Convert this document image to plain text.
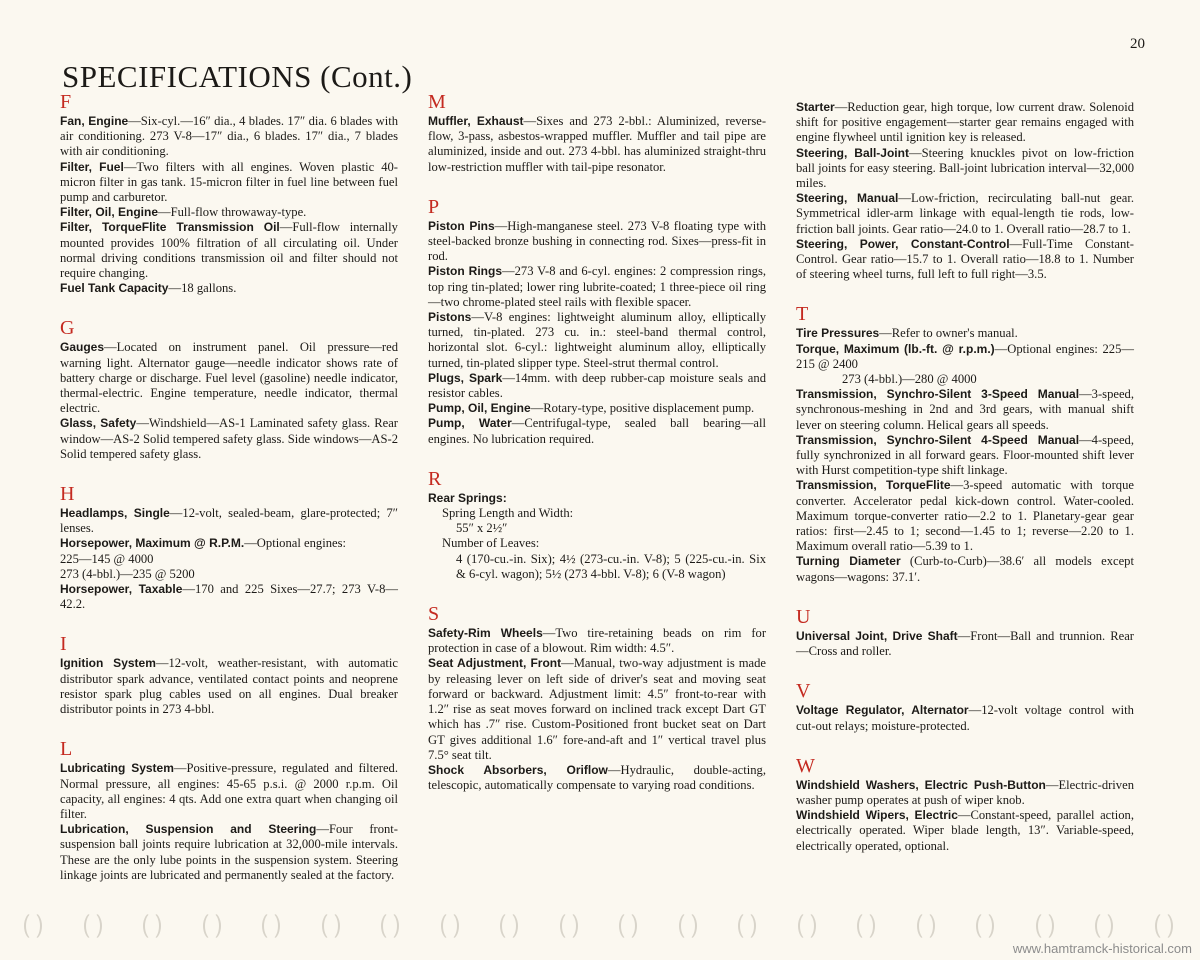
SPECIFICATIONS (Cont.)
20
F

Fan, Engine—Six-cyl.—16″ dia., 4 blades. 17″ dia. 6 blades with air conditioning. 273 V-8—17″ dia., 6 blades. 17″ dia., 7 blades with air conditioning.

Filter, Fuel—Two filters with all engines. Woven plastic 40-micron filter in gas tank. 15-micron filter in fuel line between fuel pump and carburetor.

Filter, Oil, Engine—Full-flow throwaway-type.

Filter, TorqueFlite Transmission Oil—Full-flow internally mounted provides 100% filtration of all circulating oil. Under normal driving conditions transmission oil and filter should not require changing.

Fuel Tank Capacity—18 gallons.

G

Gauges—Located on instrument panel. Oil pressure—red warning light. Alternator gauge—needle indicator shows rate of battery charge or discharge. Fuel level (gasoline) needle indicator, thermal-electric. Engine temperature, needle indicator, thermal electric.

Glass, Safety—Windshield—AS-1 Laminated safety glass. Rear window—AS-2 Solid tempered safety glass. Side windows—AS-2 Solid tempered safety glass.

H

Headlamps, Single—12-volt, sealed-beam, glare-protected; 7″ lenses.

Horsepower, Maximum @ R.P.M.—Optional engines:
225—145 @ 4000
273 (4-bbl.)—235 @ 5200

Horsepower, Taxable—170 and 225 Sixes—27.7; 273 V-8—42.2.

I

Ignition System—12-volt, weather-resistant, with automatic distributor spark advance, ventilated contact points and neoprene resistor spark plug cables used on all engines. Dual breaker distributor points in 273 4-bbl.

L

Lubricating System—Positive-pressure, regulated and filtered. Normal pressure, all engines: 45-65 p.s.i. @ 2000 r.p.m. Oil capacity, all engines: 4 qts. Add one extra quart when changing oil filter.

Lubrication, Suspension and Steering—Four front-suspension ball joints require lubrication at 32,000-mile intervals. These are the only lube points in the suspension system. Steering linkage joints are lubricated and permanently sealed at the factory.

M

Muffler, Exhaust—Sixes and 273 2-bbl.: Aluminized, reverse-flow, 3-pass, asbestos-wrapped muffler. Muffler and tail pipe are aluminized, inside and out. 273 4-bbl. has aluminized straight-thru low-restriction muffler with tail-pipe resonator.

P

Piston Pins—High-manganese steel. 273 V-8 floating type with steel-backed bronze bushing in connecting rod. Sixes—press-fit in rod.

Piston Rings—273 V-8 and 6-cyl. engines: 2 compression rings, top ring tin-plated; lower ring lubrite-coated; 1 three-piece oil ring—two chrome-plated steel rails with flexible spacer.

Pistons—V-8 engines: lightweight aluminum alloy, elliptically turned, tin-plated. 273 cu. in.: steel-band thermal control, horizontal slot. 6-cyl.: lightweight aluminum alloy, elliptically turned, tin-plated slipper type. Steel-strut thermal control.

Plugs, Spark—14mm. with deep rubber-cap moisture seals and resistor cables.

Pump, Oil, Engine—Rotary-type, positive displacement pump.

Pump, Water—Centrifugal-type, sealed ball bearing—all engines. No lubrication required.

R

Rear Springs:
Spring Length and Width:
55″ x 2½″
Number of Leaves:
4 (170-cu.-in. Six); 4½ (273-cu.-in. V-8); 5 (225-cu.-in. Six & 6-cyl. wagon); 5½ (273 4-bbl. V-8); 6 (V-8 wagon)

S

Safety-Rim Wheels—Two tire-retaining beads on rim for protection in case of a blowout. Rim width: 4.5″.

Seat Adjustment, Front—Manual, two-way adjustment is made by releasing lever on left side of driver's seat and moving seat forward or backward. Adjustment limit: 4.5″ front-to-rear with 1.2″ rise as seat moves forward on inclined track except Dart GT which has .7″ rise. Custom-Positioned front bucket seat on Dart GT gives additional 1.6″ fore-and-aft and 1″ vertical travel plus 7.5° seat tilt.

Shock Absorbers, Oriflow—Hydraulic, double-acting, telescopic, automatically compensate to varying road conditions.

Starter—Reduction gear, high torque, low current draw. Solenoid shift for positive engagement—starter gear remains engaged with engine flywheel until ignition key is released.

Steering, Ball-Joint—Steering knuckles pivot on low-friction ball joints for easy steering. Ball-joint lubrication interval—32,000 miles.

Steering, Manual—Low-friction, recirculating ball-nut gear. Symmetrical idler-arm linkage with equal-length tie rods, low-friction ball joints. Gear ratio—24.0 to 1. Overall ratio—28.7 to 1.

Steering, Power, Constant-Control—Full-Time Constant-Control. Gear ratio—15.7 to 1. Overall ratio—18.8 to 1. Number of steering wheel turns, full left to full right—3.5.

T

Tire Pressures—Refer to owner's manual.

Torque, Maximum (lb.-ft. @ r.p.m.)—Optional engines: 225—215 @ 2400
273 (4-bbl.)—280 @ 4000

Transmission, Synchro-Silent 3-Speed Manual—3-speed, synchronous-meshing in 2nd and 3rd gears, with manual shift lever on steering column. Helical gears all speeds.

Transmission, Synchro-Silent 4-Speed Manual—4-speed, fully synchronized in all forward gears. Floor-mounted shift lever with Hurst competition-type shift linkage.

Transmission, TorqueFlite—3-speed automatic with torque converter. Accelerator pedal kick-down control. Water-cooled. Maximum torque-converter ratio—2.2 to 1. Planetary-gear gear ratios: first—2.45 to 1; second—1.45 to 1; reverse—2.20 to 1. Maximum overall ratio—5.39 to 1.

Turning Diameter (Curb-to-Curb)—38.6′ all models except wagons—wagons: 37.1′.

U

Universal Joint, Drive Shaft—Front—Ball and trunnion. Rear—Cross and roller.

V

Voltage Regulator, Alternator—12-volt voltage control with cut-out relays; moisture-protected.

W

Windshield Washers, Electric Push-Button—Electric-driven washer pump operates at push of wiper knob.

Windshield Wipers, Electric—Constant-speed, parallel action, electrically operated. Wiper blade length, 13″. Variable-speed, electrically operated, optional.

www.hamtramck-historical.com
